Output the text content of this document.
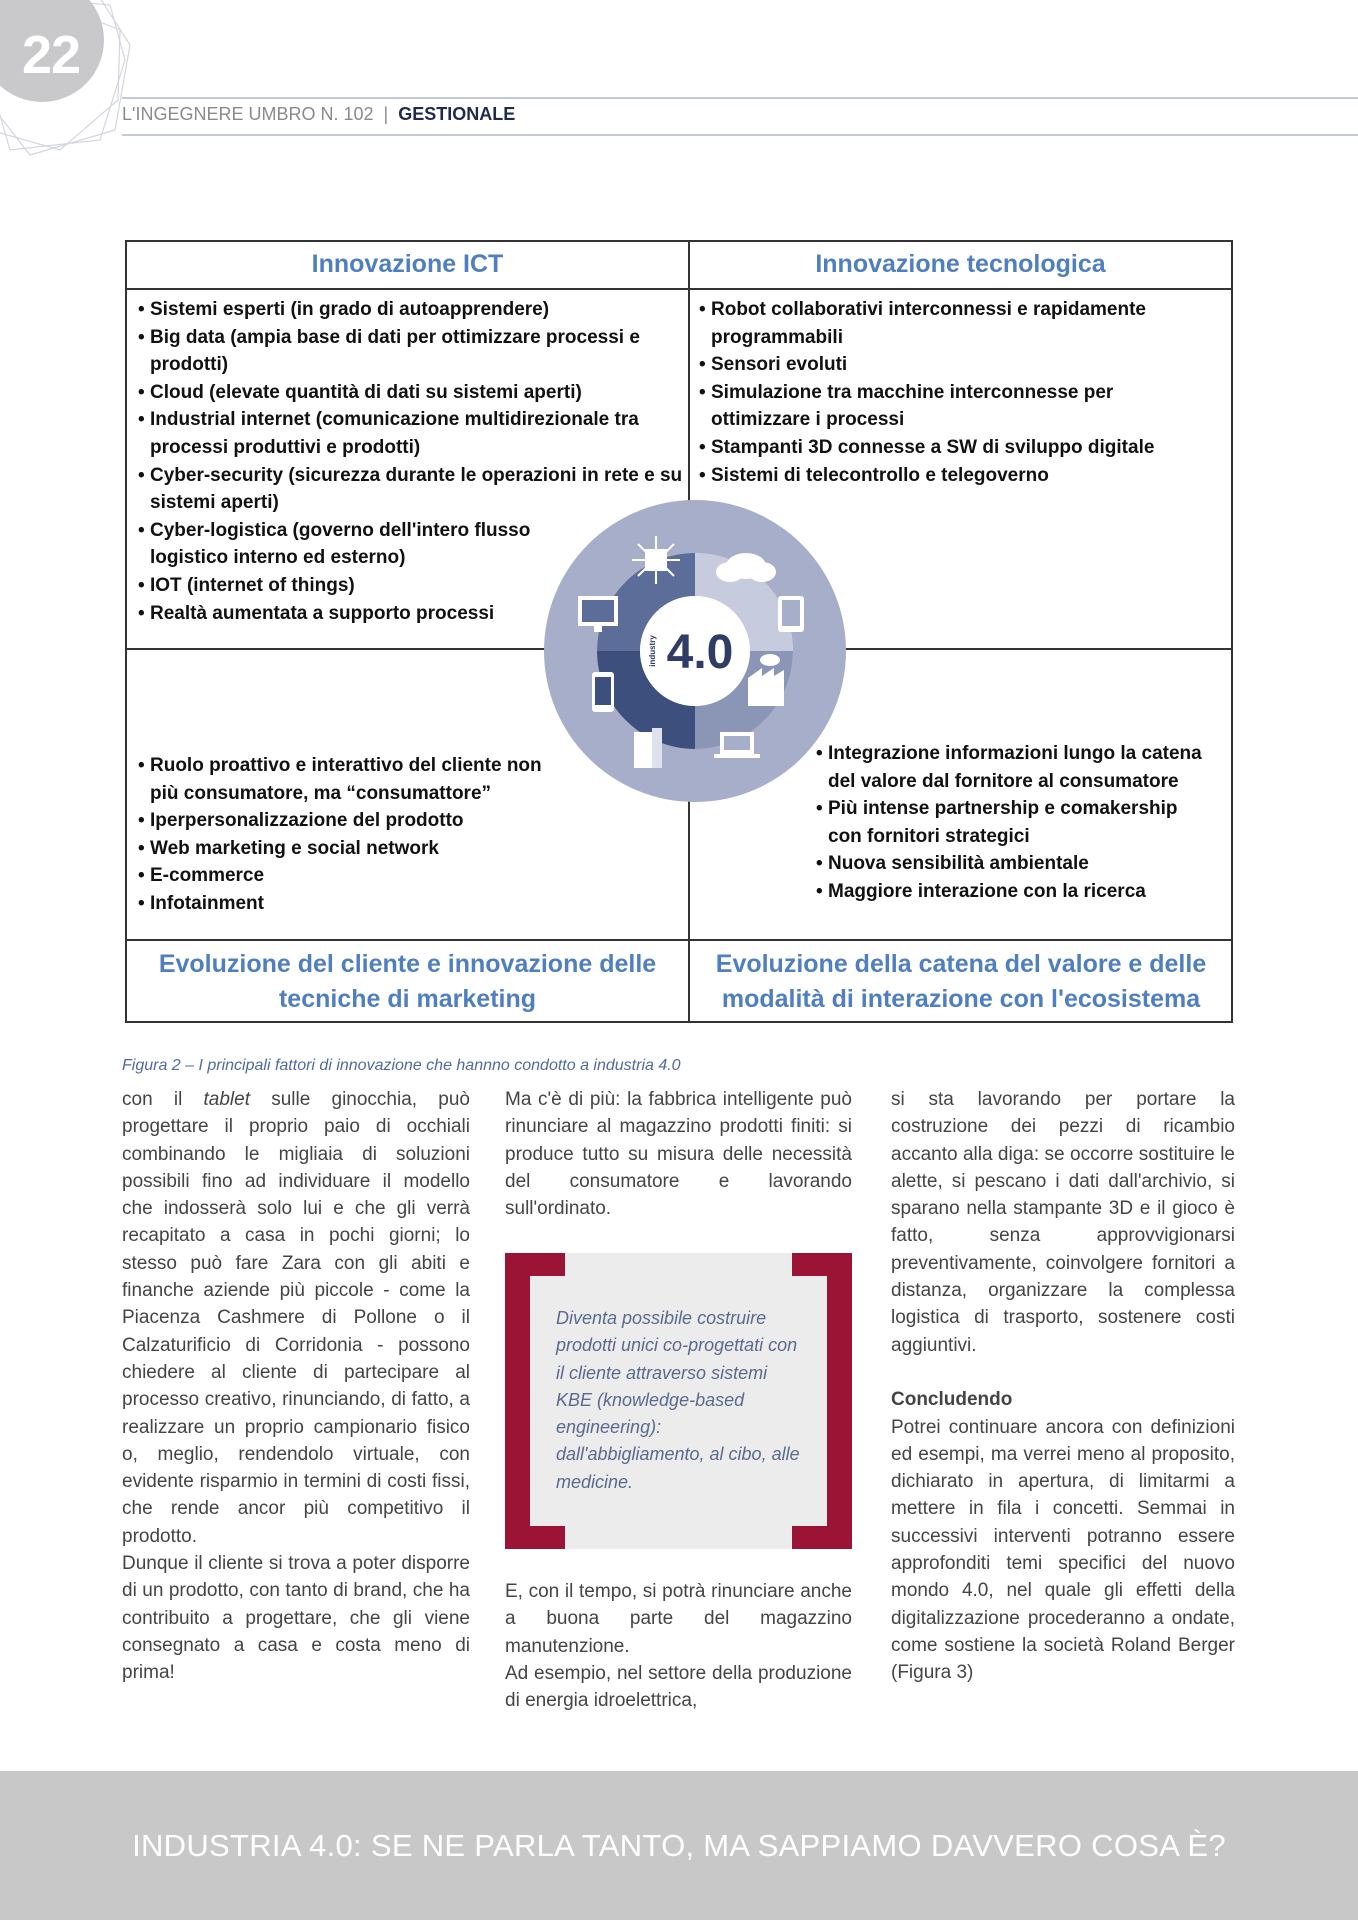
22
L'INGEGNERE UMBRO N. 102 | GESTIONALE
Innovazione ICT	Innovazione tecnologica
• Sistemi esperti (in grado di autoapprendere)
• Big data (ampia base di dati per ottimizzare processi e prodotti)
• Cloud (elevate quantità di dati su sistemi aperti)
• Industrial internet (comunicazione multidirezionale tra processi produttivi e prodotti)
• Cyber-security (sicurezza durante le operazioni in rete e su sistemi aperti)
• Cyber-logistica (governo dell'intero flusso logistico interno ed esterno)
• IOT (internet of things)
• Realtà aumentata a supporto processi
• Robot collaborativi interconnessi e rapidamente programmabili
• Sensori evoluti
• Simulazione tra macchine interconnesse per ottimizzare i processi
• Stampanti 3D connesse a SW di sviluppo digitale
• Sistemi di telecontrollo e telegoverno
• Ruolo proattivo e interattivo del cliente non più consumatore, ma “consumattore”
• Iperpersonalizzazione del prodotto
• Web marketing e social network
• E-commerce
• Infotainment
• Integrazione informazioni lungo la catena del valore dal fornitore al consumatore
• Più intense partnership e comakership con fornitori strategici
• Nuova sensibilità ambientale
• Maggiore interazione con la ricerca
Evoluzione del cliente e innovazione delle tecniche di marketing
Evoluzione della catena del valore e delle modalità di interazione con l'ecosistema
4.0
industry
Figura 2 – I principali fattori di innovazione che hannno condotto a industria 4.0

con il tablet sulle ginocchia, può progettare il proprio paio di occhiali combinando le migliaia di soluzioni possibili fino ad individuare il modello che indosserà solo lui e che gli verrà recapitato a casa in pochi giorni; lo stesso può fare Zara con gli abiti e finanche aziende più piccole - come la Piacenza Cashmere di Pollone o il Calzaturificio di Corridonia - possono chiedere al cliente di partecipare al processo creativo, rinunciando, di fatto, a realizzare un proprio campionario fisico o, meglio, rendendolo virtuale, con evidente risparmio in termini di costi fissi, che rende ancor più competitivo il prodotto.

Dunque il cliente si trova a poter disporre di un prodotto, con tanto di brand, che ha contribuito a progettare, che gli viene consegnato a casa e costa meno di prima!

Ma c'è di più: la fabbrica intelligente può rinunciare al magazzino prodotti finiti: si produce tutto su misura delle necessità del consumatore e lavorando sull'ordinato.

Diventa possibile costruire prodotti unici co-progettati con il cliente attraverso sistemi KBE (knowledge-based engineering): dall'abbigliamento, al cibo, alle medicine.

E, con il tempo, si potrà rinunciare anche a buona parte del magazzino manutenzione.

Ad esempio, nel settore della produzione di energia idroelettrica,

si sta lavorando per portare la costruzione dei pezzi di ricambio accanto alla diga: se occorre sostituire le alette, si pescano i dati dall'archivio, si sparano nella stampante 3D e il gioco è fatto, senza approvvigionarsi preventivamente, coinvolgere fornitori a distanza, organizzare la complessa logistica di trasporto, sostenere costi aggiuntivi.

Concludendo

Potrei continuare ancora con definizioni ed esempi, ma verrei meno al proposito, dichiarato in apertura, di limitarmi a mettere in fila i concetti. Semmai in successivi interventi potranno essere approfonditi temi specifici del nuovo mondo 4.0, nel quale gli effetti della digitalizzazione procederanno a ondate, come sostiene la società Roland Berger (Figura 3)

INDUSTRIA 4.0: SE NE PARLA TANTO, MA SAPPIAMO DAVVERO COSA È?
